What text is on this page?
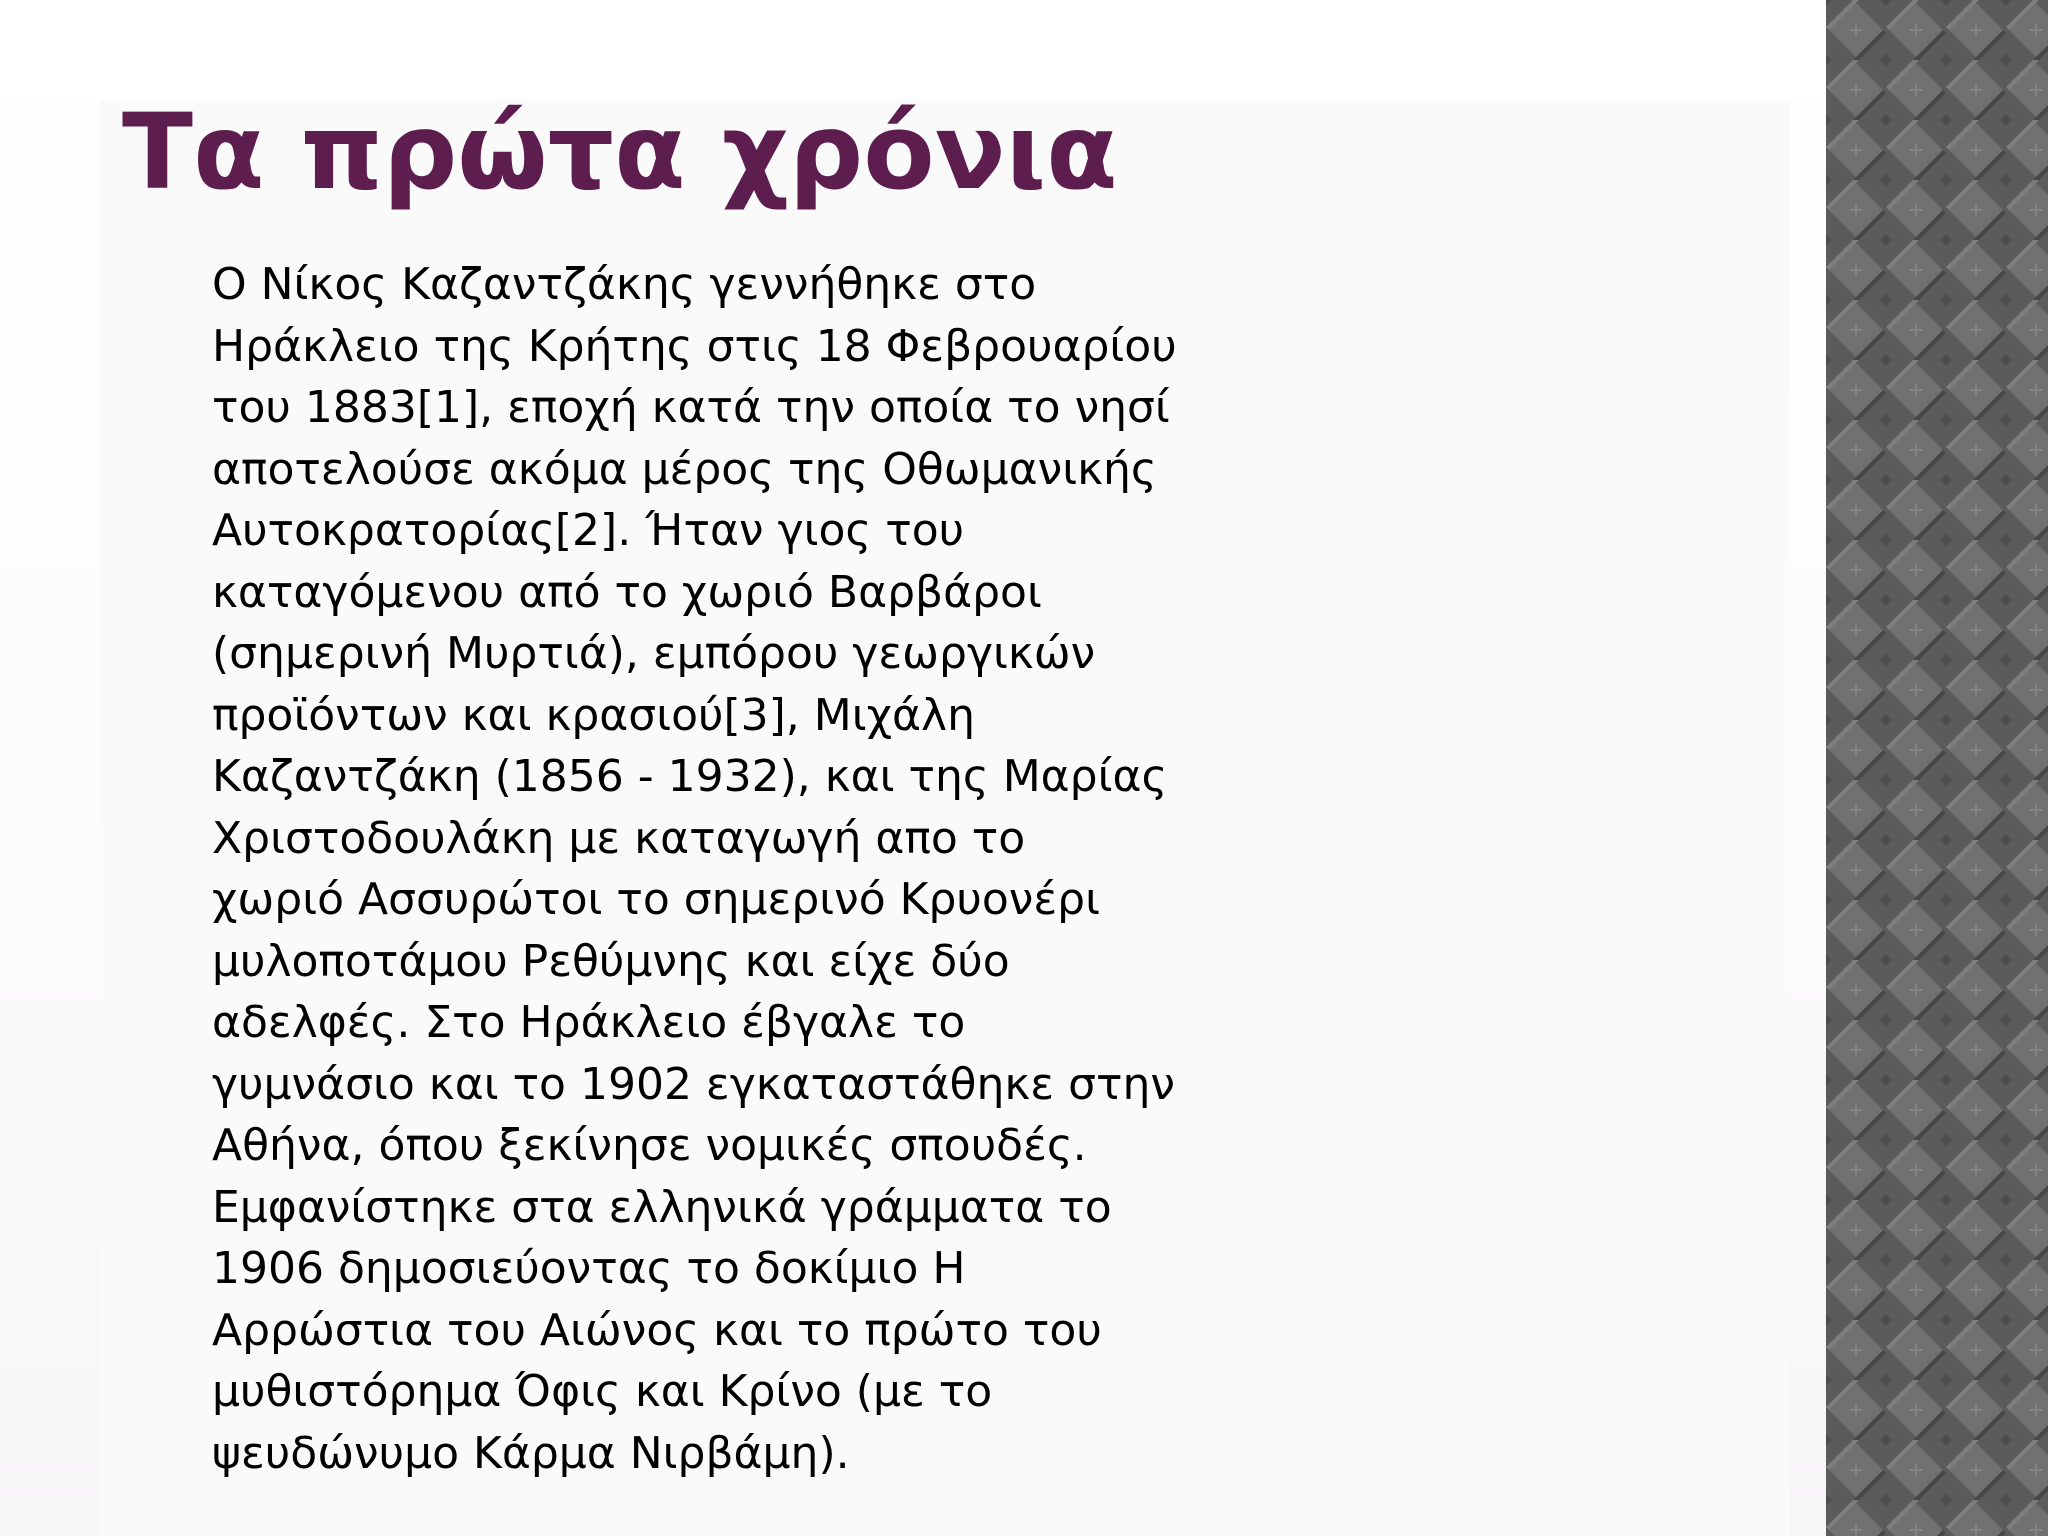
Τα πρώτα χρόνια
Ο Νίκος Καζαντζάκης γεννήθηκε στο
Ηράκλειο της Κρήτης στις 18 Φεβρουαρίου
του 1883[1], εποχή κατά την οποία το νησί
αποτελούσε ακόμα μέρος της Οθωμανικής
Αυτοκρατορίας[2]. Ήταν γιος του
καταγόμενου από το χωριό Βαρβάροι
(σημερινή Μυρτιά), εμπόρου γεωργικών
προϊόντων και κρασιού[3], Μιχάλη
Καζαντζάκη (1856 - 1932), και της Μαρίας
Χριστοδουλάκη με καταγωγή απο το
χωριό Ασσυρώτοι το σημερινό Κρυονέρι
μυλοποτάμου Ρεθύμνης και είχε δύο
αδελφές. Στο Ηράκλειο έβγαλε το
γυμνάσιο και το 1902 εγκαταστάθηκε στην
Αθήνα, όπου ξεκίνησε νομικές σπουδές.
Εμφανίστηκε στα ελληνικά γράμματα το
1906 δημοσιεύοντας το δοκίμιο Η
Αρρώστια του Αιώνος και το πρώτο του
μυθιστόρημα Όφις και Κρίνο (με το
ψευδώνυμο Κάρμα Νιρβάμη).
